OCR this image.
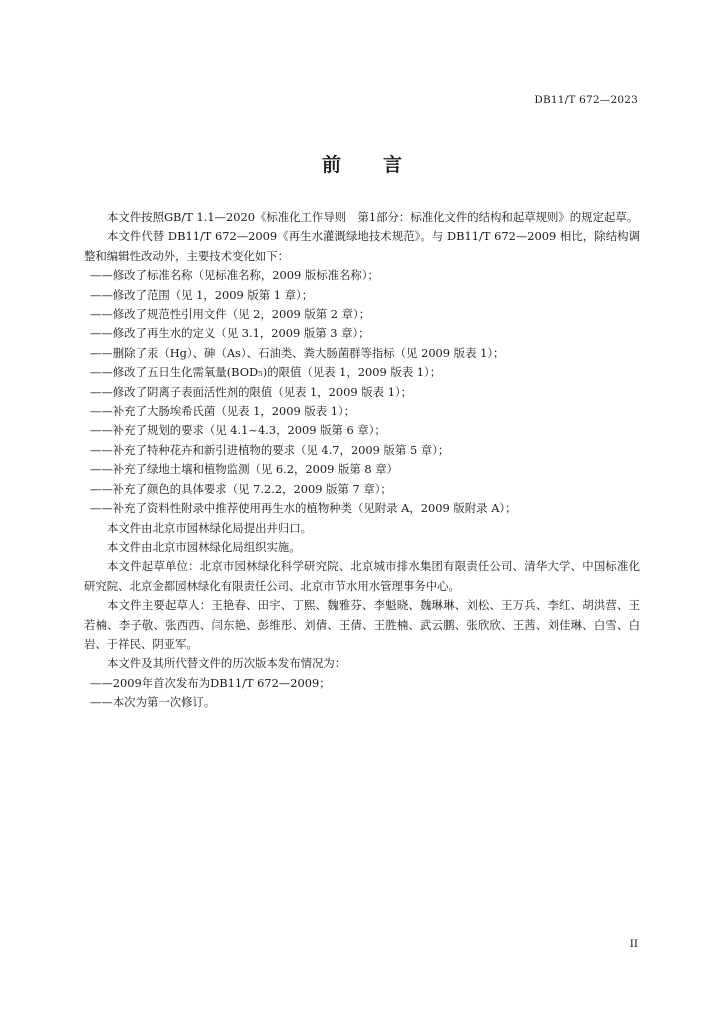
DB11/T 672—2023
前 言

本文件按照GB/T 1.1—2020《标准化工作导则　第1部分：标准化文件的结构和起草规则》的规定起草。

本文件代替 DB11/T 672—2009《再生水灌溉绿地技术规范》。与 DB11/T 672—2009 相比，除结构调整和编辑性改动外，主要技术变化如下：

——修改了标准名称（见标准名称，2009 版标准名称）；

——修改了范围（见 1，2009 版第 1 章）；

——修改了规范性引用文件（见 2，2009 版第 2 章）；

——修改了再生水的定义（见 3.1，2009 版第 3 章）；

——删除了汞（Hg）、砷（As）、石油类、粪大肠菌群等指标（见 2009 版表 1）；

——修改了五日生化需氧量(BOD₅)的限值（见表 1，2009 版表 1）；

——修改了阴离子表面活性剂的限值（见表 1，2009 版表 1）；

——补充了大肠埃希氏菌（见表 1，2009 版表 1）；

——补充了规划的要求（见 4.1~4.3，2009 版第 6 章）；

——补充了特种花卉和新引进植物的要求（见 4.7，2009 版第 5 章）；

——补充了绿地土壤和植物监测（见 6.2，2009 版第 8 章）

——补充了颜色的具体要求（见 7.2.2，2009 版第 7 章）；

——补充了资料性附录中推荐使用再生水的植物种类（见附录 A，2009 版附录 A）；

本文件由北京市园林绿化局提出并归口。

本文件由北京市园林绿化局组织实施。

本文件起草单位：北京市园林绿化科学研究院、北京城市排水集团有限责任公司、清华大学、中国标准化研究院、北京金都园林绿化有限责任公司、北京市节水用水管理事务中心。

本文件主要起草人：王艳春、田宇、丁熙、魏雅芬、李魁晓、魏琳琳、刘松、王万兵、李红、胡洪营、王若楠、李子敬、张西西、闫东艳、彭维彤、刘倩、王倩、王胜楠、武云鹏、张欣欣、王茜、刘佳琳、白雪、白岩、于祥民、阴亚军。

本文件及其所代替文件的历次版本发布情况为：

——2009年首次发布为DB11/T 672—2009；

——本次为第一次修订。

II
